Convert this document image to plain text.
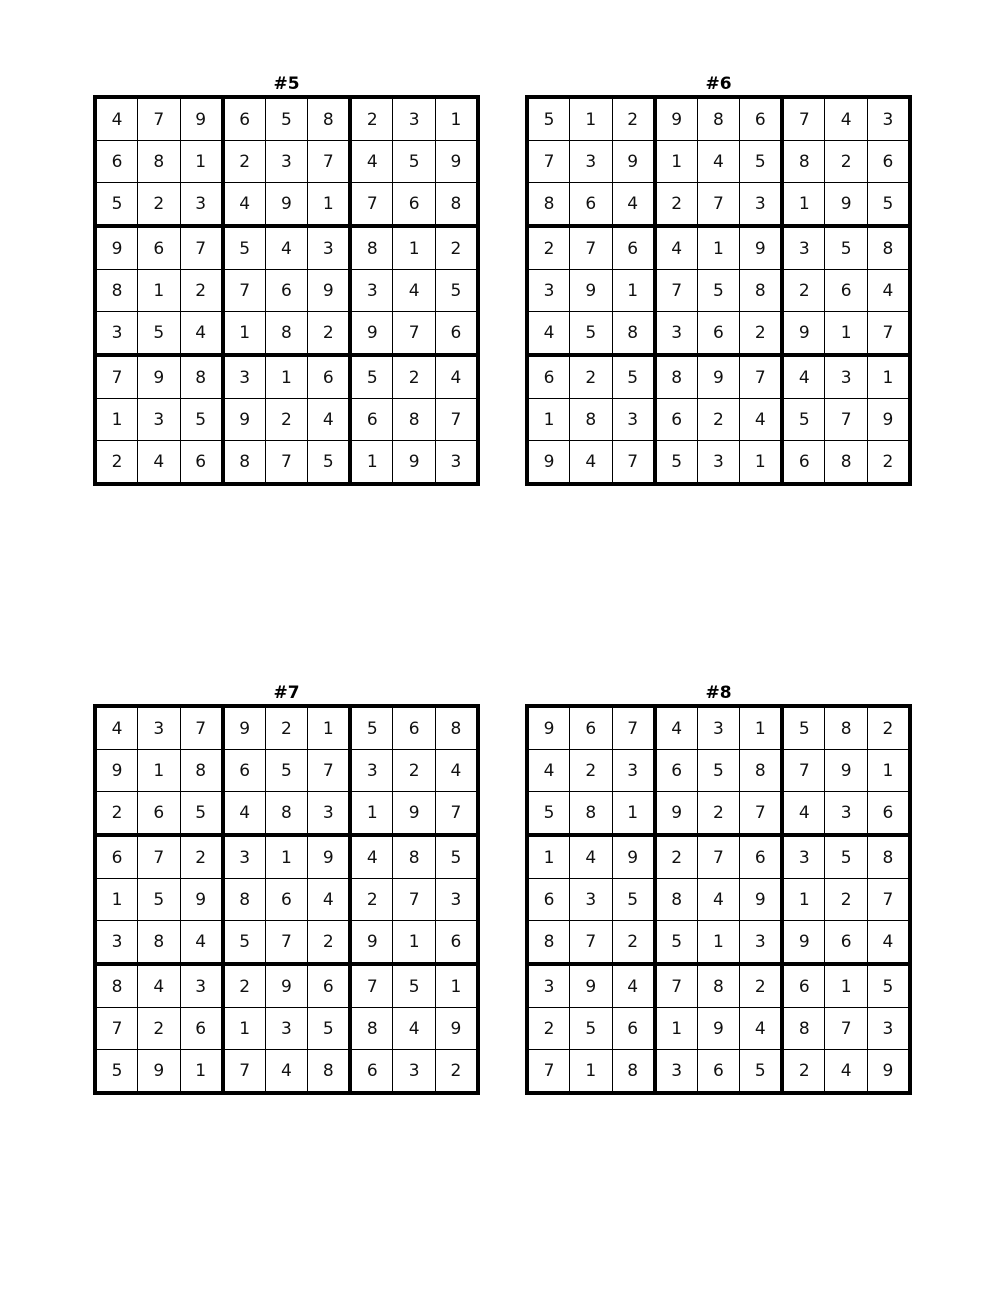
#5
4	7	9	6	5	8	2	3	1
6	8	1	2	3	7	4	5	9
5	2	3	4	9	1	7	6	8
9	6	7	5	4	3	8	1	2
8	1	2	7	6	9	3	4	5
3	5	4	1	8	2	9	7	6
7	9	8	3	1	6	5	2	4
1	3	5	9	2	4	6	8	7
2	4	6	8	7	5	1	9	3
#6
5	1	2	9	8	6	7	4	3
7	3	9	1	4	5	8	2	6
8	6	4	2	7	3	1	9	5
2	7	6	4	1	9	3	5	8
3	9	1	7	5	8	2	6	4
4	5	8	3	6	2	9	1	7
6	2	5	8	9	7	4	3	1
1	8	3	6	2	4	5	7	9
9	4	7	5	3	1	6	8	2
#7
4	3	7	9	2	1	5	6	8
9	1	8	6	5	7	3	2	4
2	6	5	4	8	3	1	9	7
6	7	2	3	1	9	4	8	5
1	5	9	8	6	4	2	7	3
3	8	4	5	7	2	9	1	6
8	4	3	2	9	6	7	5	1
7	2	6	1	3	5	8	4	9
5	9	1	7	4	8	6	3	2
#8
9	6	7	4	3	1	5	8	2
4	2	3	6	5	8	7	9	1
5	8	1	9	2	7	4	3	6
1	4	9	2	7	6	3	5	8
6	3	5	8	4	9	1	2	7
8	7	2	5	1	3	9	6	4
3	9	4	7	8	2	6	1	5
2	5	6	1	9	4	8	7	3
7	1	8	3	6	5	2	4	9
